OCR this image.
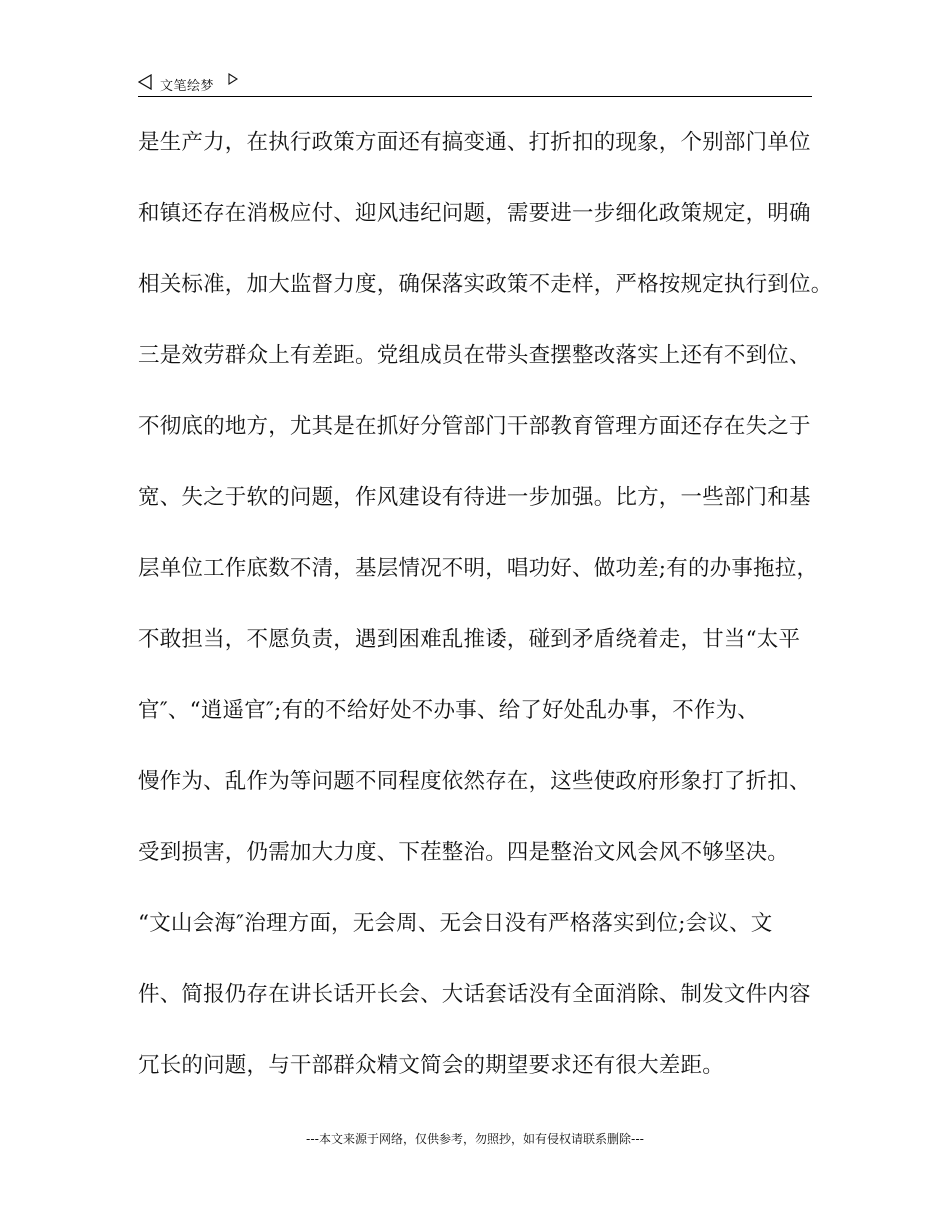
文笔绘梦
是生产力，在执行政策方面还有搞变通、打折扣的现象，个别部门单位
和镇还存在消极应付、迎风违纪问题，需要进一步细化政策规定，明确
相关标准，加大监督力度，确保落实政策不走样，严格按规定执行到位。
三是效劳群众上有差距。党组成员在带头查摆整改落实上还有不到位、
不彻底的地方，尤其是在抓好分管部门干部教育管理方面还存在失之于
宽、失之于软的问题，作风建设有待进一步加强。比方，一些部门和基
层单位工作底数不清，基层情况不明，唱功好、做功差;有的办事拖拉，
不敢担当，不愿负责，遇到困难乱推诿，碰到矛盾绕着走，甘当“太平
官″、“逍遥官″;有的不给好处不办事、给了好处乱办事，不作为、
慢作为、乱作为等问题不同程度依然存在，这些使政府形象打了折扣、
受到损害，仍需加大力度、下茬整治。四是整治文风会风不够坚决。
“文山会海″治理方面，无会周、无会日没有严格落实到位;会议、文
件、简报仍存在讲长话开长会、大话套话没有全面消除、制发文件内容
冗长的问题，与干部群众精文简会的期望要求还有很大差距。
---本文来源于网络，仅供参考，勿照抄，如有侵权请联系删除---
